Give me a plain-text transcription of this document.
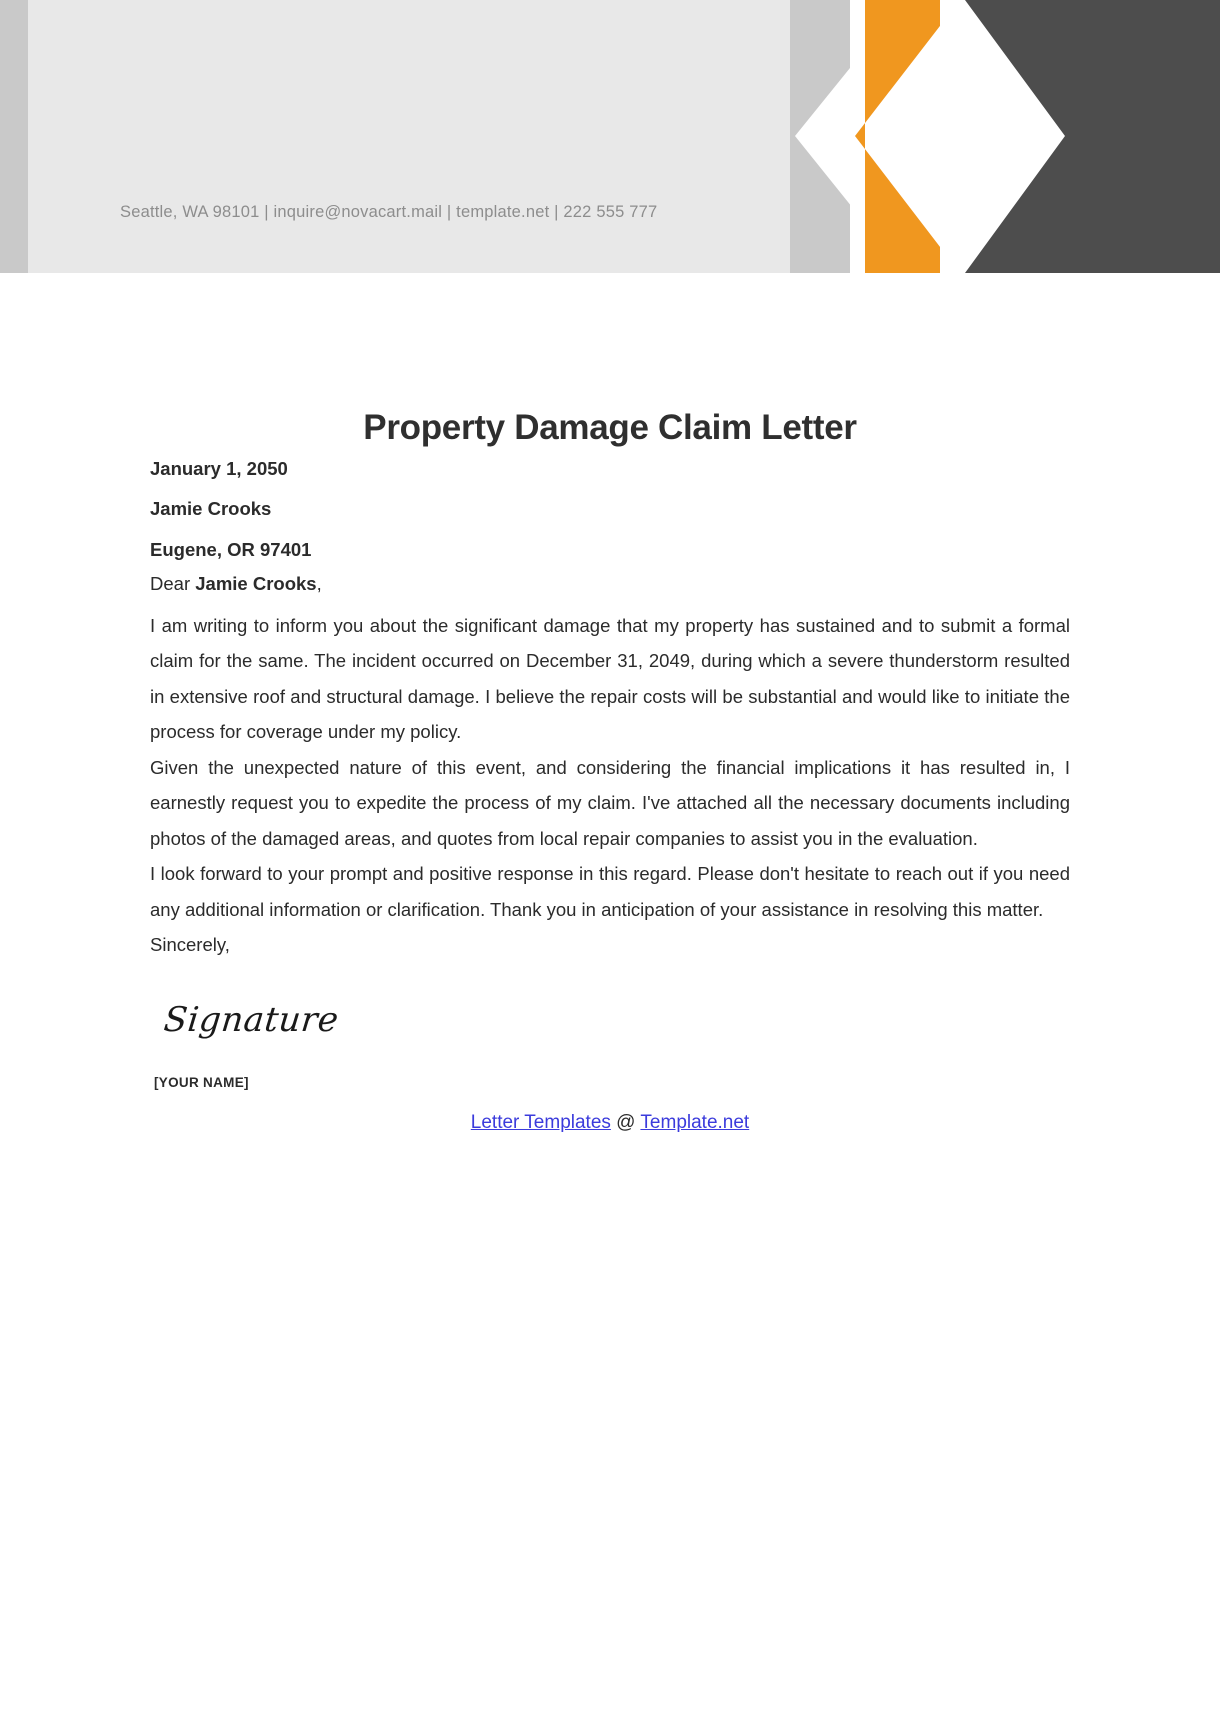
Seattle, WA 98101 | inquire@novacart.mail | template.net | 222 555 777
Property Damage Claim Letter
January 1, 2050
Jamie Crooks
Eugene, OR 97401
Dear Jamie Crooks,

I am writing to inform you about the significant damage that my property has sustained and to submit a formal claim for the same. The incident occurred on December 31, 2049, during which a severe thunderstorm resulted in extensive roof and structural damage. I believe the repair costs will be substantial and would like to initiate the process for coverage under my policy.

Given the unexpected nature of this event, and considering the financial implications it has resulted in, I earnestly request you to expedite the process of my claim. I've attached all the necessary documents including photos of the damaged areas, and quotes from local repair companies to assist you in the evaluation.

I look forward to your prompt and positive response in this regard. Please don't hesitate to reach out if you need any additional information or clarification. Thank you in anticipation of your assistance in resolving this matter.

Sincerely,
Signature
[YOUR NAME]
Letter Templates @ Template.net
